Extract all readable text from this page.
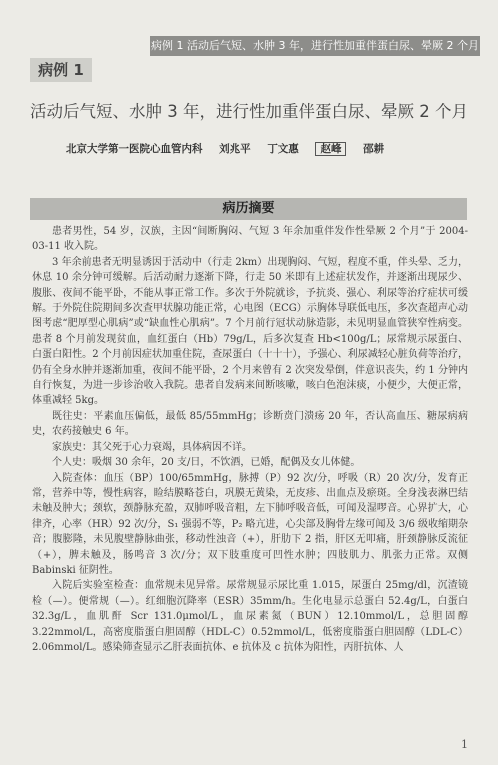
病例 1 活动后气短、水肿 3 年，进行性加重伴蛋白尿、晕厥 2 个月
病例 1
活动后气短、水肿 3 年，进行性加重伴蛋白尿、晕厥 2 个月
北京大学第一医院心血管内科 刘兆平 丁文惠 赵峰 邵耕
病历摘要

患者男性，54 岁，汉族，主因“间断胸闷、气短 3 年余加重伴发作性晕厥 2 个月”于 2004-03-11 收入院。

3 年余前患者无明显诱因于活动中（行走 2km）出现胸闷、气短，程度不重，伴头晕、乏力，休息 10 余分钟可缓解。后活动耐力逐渐下降，行走 50 米即有上述症状发作，并逐渐出现尿少、腹胀、夜间不能平卧，不能从事正常工作。多次于外院就诊，予抗炎、强心、利尿等治疗症状可缓解。于外院住院期间多次查甲状腺功能正常，心电图（ECG）示胸体导联低电压，多次查超声心动图考虑“肥厚型心肌病”或“缺血性心肌病”。7 个月前行冠状动脉造影，未见明显血管狭窄性病变。患者 8 个月前发现贫血，血红蛋白（Hb）79g/L，后多次复查 Hb<100g/L；尿常规示尿蛋白、白蛋白阳性。2 个月前因症状加重住院，查尿蛋白（十十十），予强心、利尿减轻心脏负荷等治疗，仍有全身水肿并逐渐加重，夜间不能平卧，2 个月来曾有 2 次突发晕倒，伴意识丧失，约 1 分钟内自行恢复，为进一步诊治收入我院。患者自发病来间断咳嗽，咳白色泡沫痰，小便少，大便正常，体重减轻 5kg。

既往史：平素血压偏低，最低 85/55mmHg；诊断贲门溃疡 20 年，否认高血压、糖尿病病史，农药接触史 6 年。

家族史：其父死于心力衰竭，具体病因不详。

个人史：吸烟 30 余年，20 支/日，不饮酒，已婚，配偶及女儿体健。

入院查体：血压（BP）100/65mmHg，脉搏（P）92 次/分，呼吸（R）20 次/分，发育正常，营养中等，慢性病容，睑结膜略苍白，巩膜无黄染，无皮疹、出血点及瘀斑。全身浅表淋巴结未触及肿大；颈软，颈静脉充盈，双肺呼吸音粗，左下肺呼吸音低，可闻及湿啰音。心界扩大，心律齐，心率（HR）92 次/分，S₁ 强弱不等，P₂ 略亢进，心尖部及胸骨左缘可闻及 3/6 级收缩期杂音；腹膨隆，未见腹壁静脉曲张，移动性浊音（+），肝肋下 2 指，肝区无叩痛，肝颈静脉反流征（+），脾未触及，肠鸣音 3 次/分；双下肢重度可凹性水肿；四肢肌力、肌张力正常。双侧 Babinski 征阴性。

入院后实验室检查：血常规未见异常。尿常规显示尿比重 1.015，尿蛋白 25mg/dl，沉渣镜检（—）。便常规（—）。红细胞沉降率（ESR）35mm/h。生化电显示总蛋白 52.4g/L，白蛋白 32.3g/L，血肌酐 Scr 131.0μmol/L，血尿素氮（BUN）12.10mmol/L，总胆固醇 3.22mmol/L，高密度脂蛋白胆固醇（HDL-C）0.52mmol/L，低密度脂蛋白胆固醇（LDL-C）2.06mmol/L。感染筛查显示乙肝表面抗体、e 抗体及 c 抗体为阳性，丙肝抗体、人

1
